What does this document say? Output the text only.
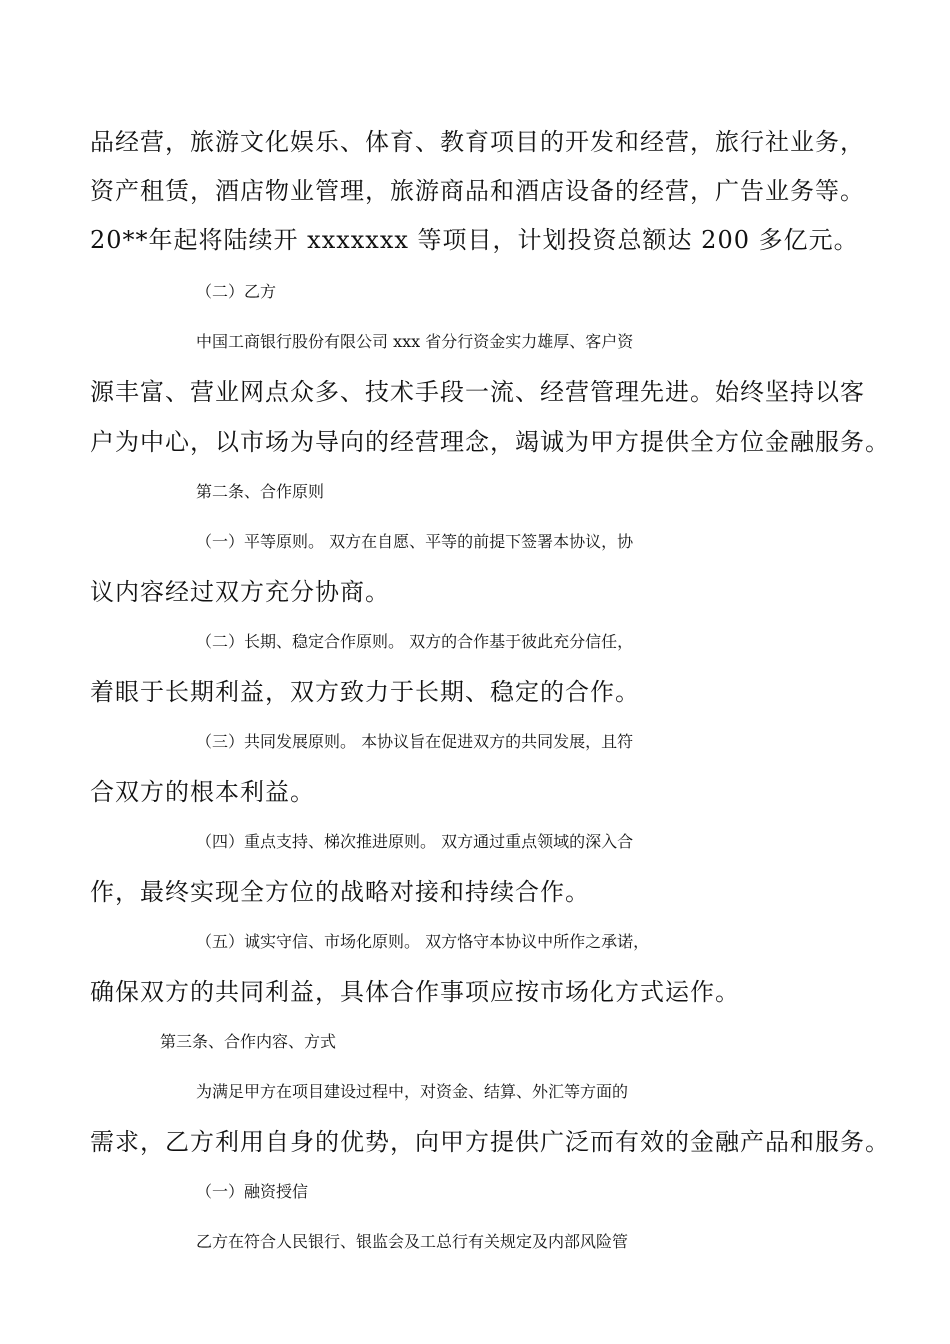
品经营，旅游文化娱乐、体育、教育项目的开发和经营，旅行社业务，
资产租赁，酒店物业管理，旅游商品和酒店设备的经营，广告业务等。
20**年起将陆续开 xxxxxxx 等项目，计划投资总额达 200 多亿元。
（二）乙方
中国工商银行股份有限公司 xxx 省分行资金实力雄厚、客户资
源丰富、营业网点众多、技术手段一流、经营管理先进。始终坚持以客
户为中心，以市场为导向的经营理念，竭诚为甲方提供全方位金融服务。
第二条、合作原则
（一）平等原则。 双方在自愿、平等的前提下签署本协议，协
议内容经过双方充分协商。
（二）长期、稳定合作原则。 双方的合作基于彼此充分信任，
着眼于长期利益，双方致力于长期、稳定的合作。
（三）共同发展原则。 本协议旨在促进双方的共同发展，且符
合双方的根本利益。
（四）重点支持、梯次推进原则。 双方通过重点领域的深入合
作，最终实现全方位的战略对接和持续合作。
（五）诚实守信、市场化原则。 双方恪守本协议中所作之承诺，
确保双方的共同利益，具体合作事项应按市场化方式运作。
第三条、合作内容、方式
为满足甲方在项目建设过程中，对资金、结算、外汇等方面的
需求，乙方利用自身的优势，向甲方提供广泛而有效的金融产品和服务。
（一）融资授信
乙方在符合人民银行、银监会及工总行有关规定及内部风险管
